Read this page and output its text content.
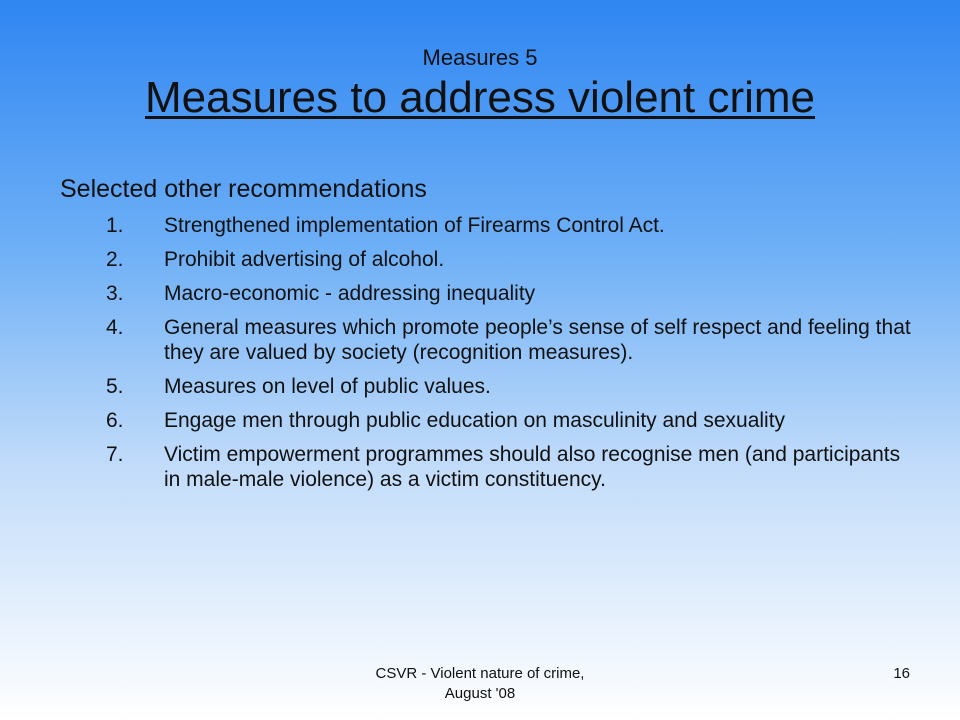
Measures 5
Measures to address violent crime
Selected other recommendations
1.	Strengthened implementation of Firearms Control Act.
2.	Prohibit advertising of alcohol.
3.	Macro-economic - addressing inequality
4.	General measures which promote people’s sense of self respect and feeling that they are valued by society (recognition measures).
5.	Measures on level of public values.
6.	Engage men through public education on masculinity and sexuality
7.	Victim empowerment programmes should also recognise men (and participants in male-male violence) as a victim constituency.
CSVR - Violent nature of crime,
August '08
16
